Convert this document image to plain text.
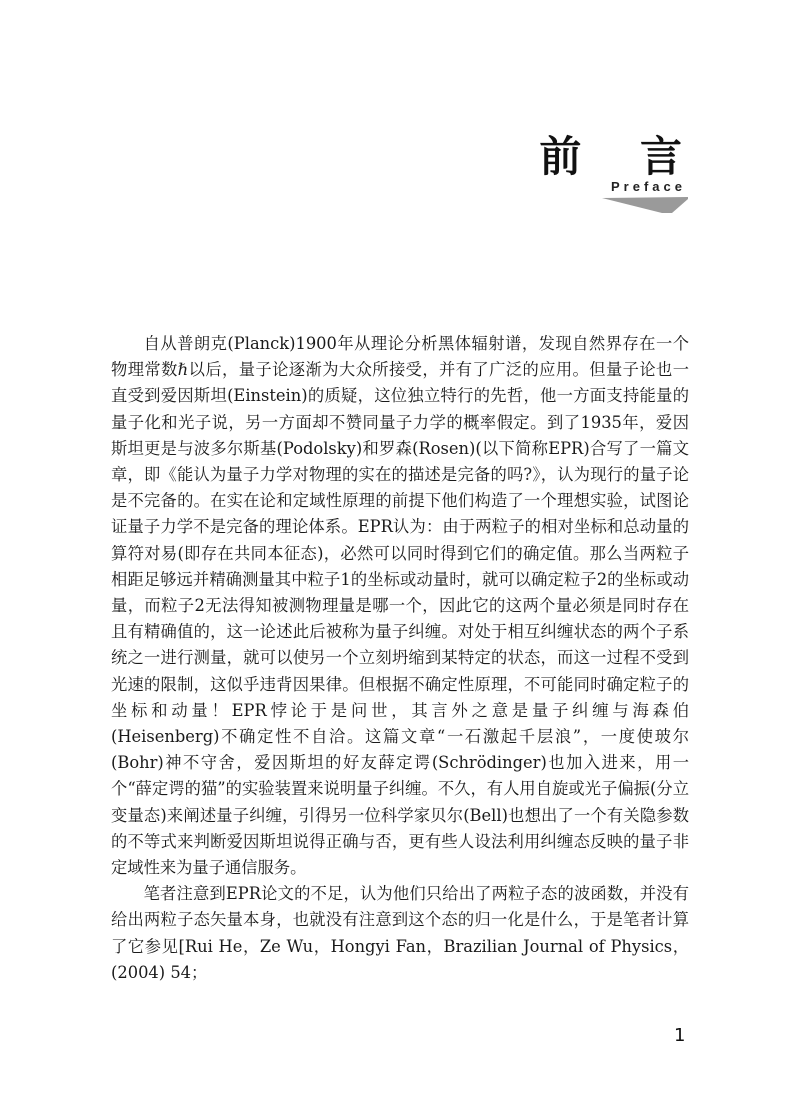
前 言
Preface

自从普朗克(Planck)1900年从理论分析黑体辐射谱，发现自然界存在一个物理常数ℏ以后，量子论逐渐为大众所接受，并有了广泛的应用。但量子论也一直受到爱因斯坦(Einstein)的质疑，这位独立特行的先哲，他一方面支持能量的量子化和光子说，另一方面却不赞同量子力学的概率假定。到了1935年，爱因斯坦更是与波多尔斯基(Podolsky)和罗森(Rosen)(以下简称EPR)合写了一篇文章，即《能认为量子力学对物理的实在的描述是完备的吗?》，认为现行的量子论是不完备的。在实在论和定域性原理的前提下他们构造了一个理想实验，试图论证量子力学不是完备的理论体系。EPR认为：由于两粒子的相对坐标和总动量的算符对易(即存在共同本征态)，必然可以同时得到它们的确定值。那么当两粒子相距足够远并精确测量其中粒子1的坐标或动量时，就可以确定粒子2的坐标或动量，而粒子2无法得知被测物理量是哪一个，因此它的这两个量必须是同时存在且有精确值的，这一论述此后被称为量子纠缠。对处于相互纠缠状态的两个子系统之一进行测量，就可以使另一个立刻坍缩到某特定的状态，而这一过程不受到光速的限制，这似乎违背因果律。但根据不确定性原理，不可能同时确定粒子的坐标和动量！EPR悖论于是问世，其言外之意是量子纠缠与海森伯(Heisenberg)不确定性不自洽。这篇文章“一石激起千层浪”，一度使玻尔(Bohr)神不守舍，爱因斯坦的好友薛定谔(Schrödinger)也加入进来，用一个“薛定谔的猫”的实验装置来说明量子纠缠。不久，有人用自旋或光子偏振(分立变量态)来阐述量子纠缠，引得另一位科学家贝尔(Bell)也想出了一个有关隐参数的不等式来判断爱因斯坦说得正确与否，更有些人设法利用纠缠态反映的量子非定域性来为量子通信服务。

笔者注意到EPR论文的不足，认为他们只给出了两粒子态的波函数，并没有给出两粒子态矢量本身，也就没有注意到这个态的归一化是什么，于是笔者计算了它参见[Rui He，Ze Wu，Hongyi Fan，Brazilian Journal of Physics，(2004) 54；

1
